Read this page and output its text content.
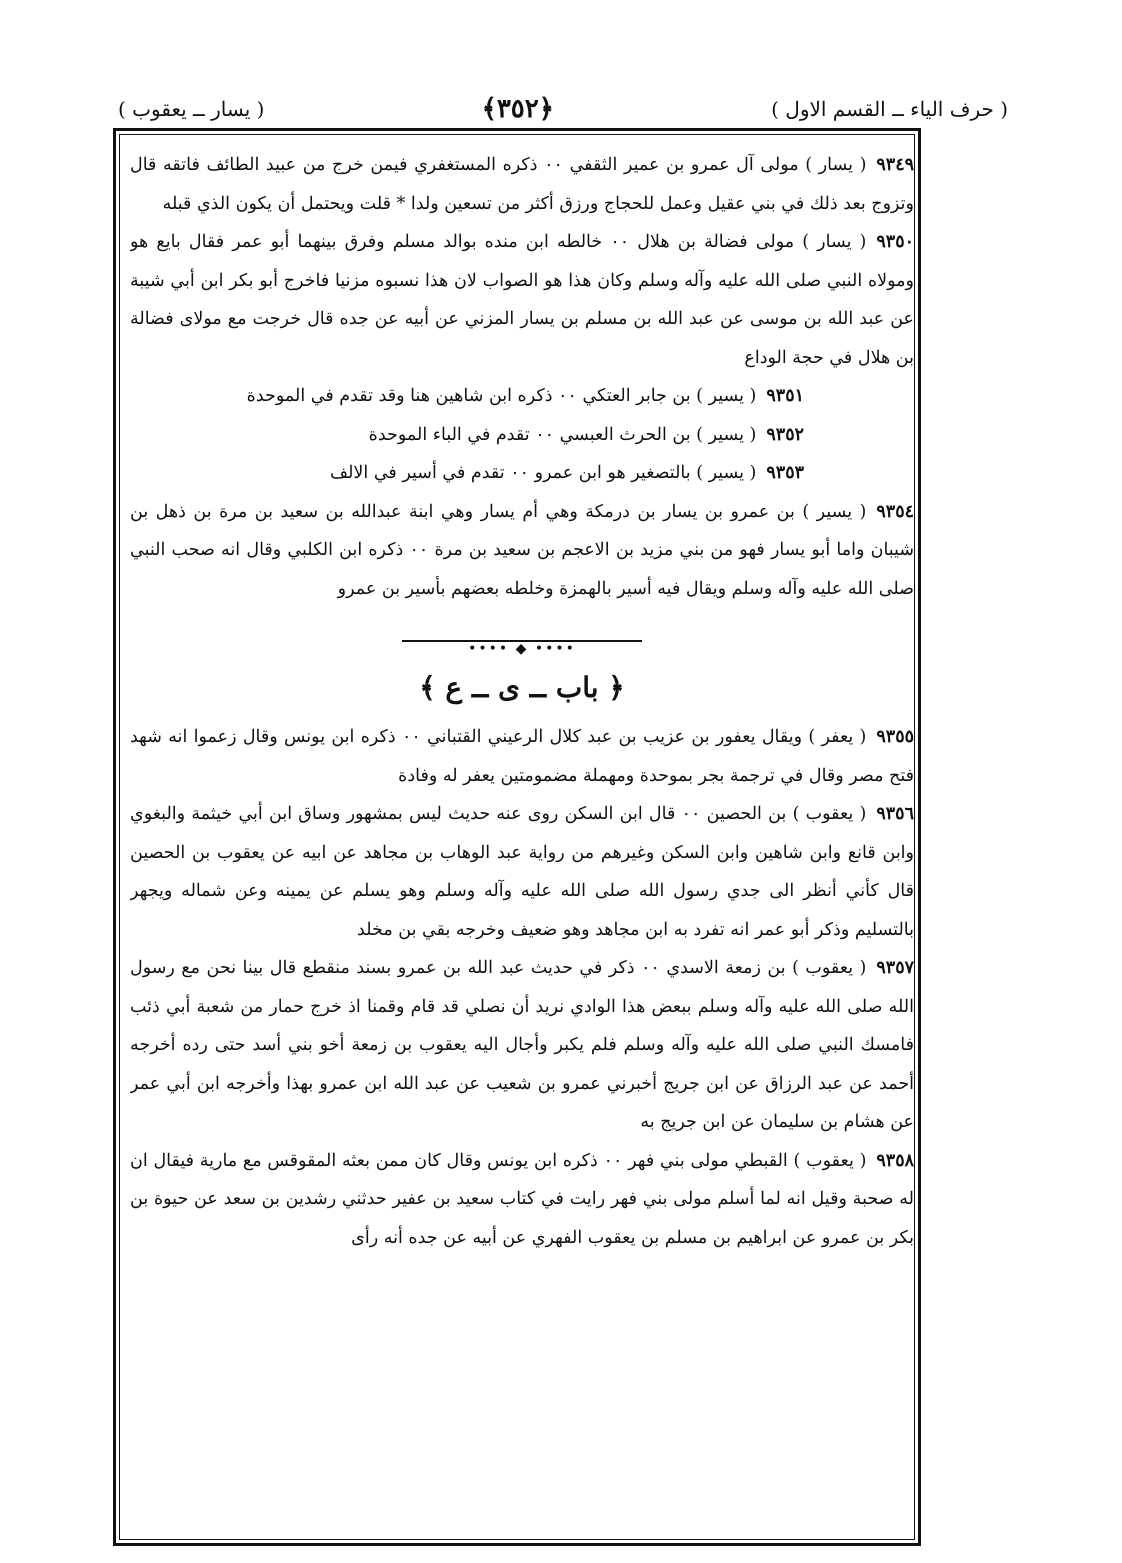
( حرف الياء ــ القسم الاول )
﴿٣٥٢﴾
( يسار ــ يعقوب )

٩٣٤٩( يسار ) مولى آل عمرو بن عمير الثقفي ٠٠ ذكره المستغفري فيمن خرج من عبيد الطائف فاتقه قال وتزوج بعد ذلك في بني عقيل وعمل للحجاج ورزق أكثر من تسعين ولدا * قلت ويحتمل أن يكون الذي قبله

٩٣٥٠( يسار ) مولى فضالة بن هلال ٠٠ خالطه ابن منده بوالد مسلم وفرق بينهما أبو عمر فقال بايع هو ومولاه النبي صلى الله عليه وآله وسلم وكان هذا هو الصواب لان هذا نسبوه مزنيا فاخرج أبو بكر ابن أبي شيبة عن عبد الله بن موسى عن عبد الله بن مسلم بن يسار المزني عن أبيه عن جده قال خرجت مع مولاى فضالة بن هلال في حجة الوداع

٩٣٥١( يسير ) بن جابر العتكي ٠٠ ذكره ابن شاهين هنا وقد تقدم في الموحدة

٩٣٥٢( يسير ) بن الحرث العبسي ٠٠ تقدم في الباء الموحدة

٩٣٥٣( يسير ) بالتصغير هو ابن عمرو ٠٠ تقدم في أسير في الالف

٩٣٥٤( يسير ) بن عمرو بن يسار بن درمكة وهي أم يسار وهي ابنة عبدالله بن سعيد بن مرة بن ذهل بن شيبان واما أبو يسار فهو من بني مزيد بن الاعجم بن سعيد بن مرة ٠٠ ذكره ابن الكلبي وقال انه صحب النبي صلى الله عليه وآله وسلم ويقال فيه أسير بالهمزة وخلطه بعضهم بأسير بن عمرو

•••• ◆ ••••
﴿ باب ــ ى ــ ع ﴾

٩٣٥٥( يعفر ) ويقال يعفور بن عزيب بن عبد كلال الرعيني القتباني ٠٠ ذكره ابن يونس وقال زعموا انه شهد فتح مصر وقال في ترجمة بجر بموحدة ومهملة مضمومتين يعفر له وفادة

٩٣٥٦( يعقوب ) بن الحصين ٠٠ قال ابن السكن روى عنه حديث ليس بمشهور وساق ابن أبي خيثمة والبغوي وابن قانع وابن شاهين وابن السكن وغيرهم من رواية عبد الوهاب بن مجاهد عن ابيه عن يعقوب بن الحصين قال كأني أنظر الى جدي رسول الله صلى الله عليه وآله وسلم وهو يسلم عن يمينه وعن شماله ويجهر بالتسليم وذكر أبو عمر انه تفرد به ابن مجاهد وهو ضعيف وخرجه بقي بن مخلد

٩٣٥٧( يعقوب ) بن زمعة الاسدي ٠٠ ذكر في حديث عبد الله بن عمرو بسند منقطع قال بينا نحن مع رسول الله صلى الله عليه وآله وسلم ببعض هذا الوادي نريد أن نصلي قد قام وقمنا اذ خرج حمار من شعبة أبي ذئب فامسك النبي صلى الله عليه وآله وسلم فلم يكبر وأجال اليه يعقوب بن زمعة أخو بني أسد حتى رده أخرجه أحمد عن عبد الرزاق عن ابن جريج أخبرني عمرو بن شعيب عن عبد الله ابن عمرو بهذا وأخرجه ابن أبي عمر عن هشام بن سليمان عن ابن جريج به

٩٣٥٨( يعقوب ) القبطي مولى بني فهر ٠٠ ذكره ابن يونس وقال كان ممن بعثه المقوقس مع مارية فيقال ان له صحبة وقيل انه لما أسلم مولى بني فهر رايت في كتاب سعيد بن عفير حدثني رشدين بن سعد عن حيوة بن بكر بن عمرو عن ابراهيم بن مسلم بن يعقوب الفهري عن أبيه عن جده أنه رأى
